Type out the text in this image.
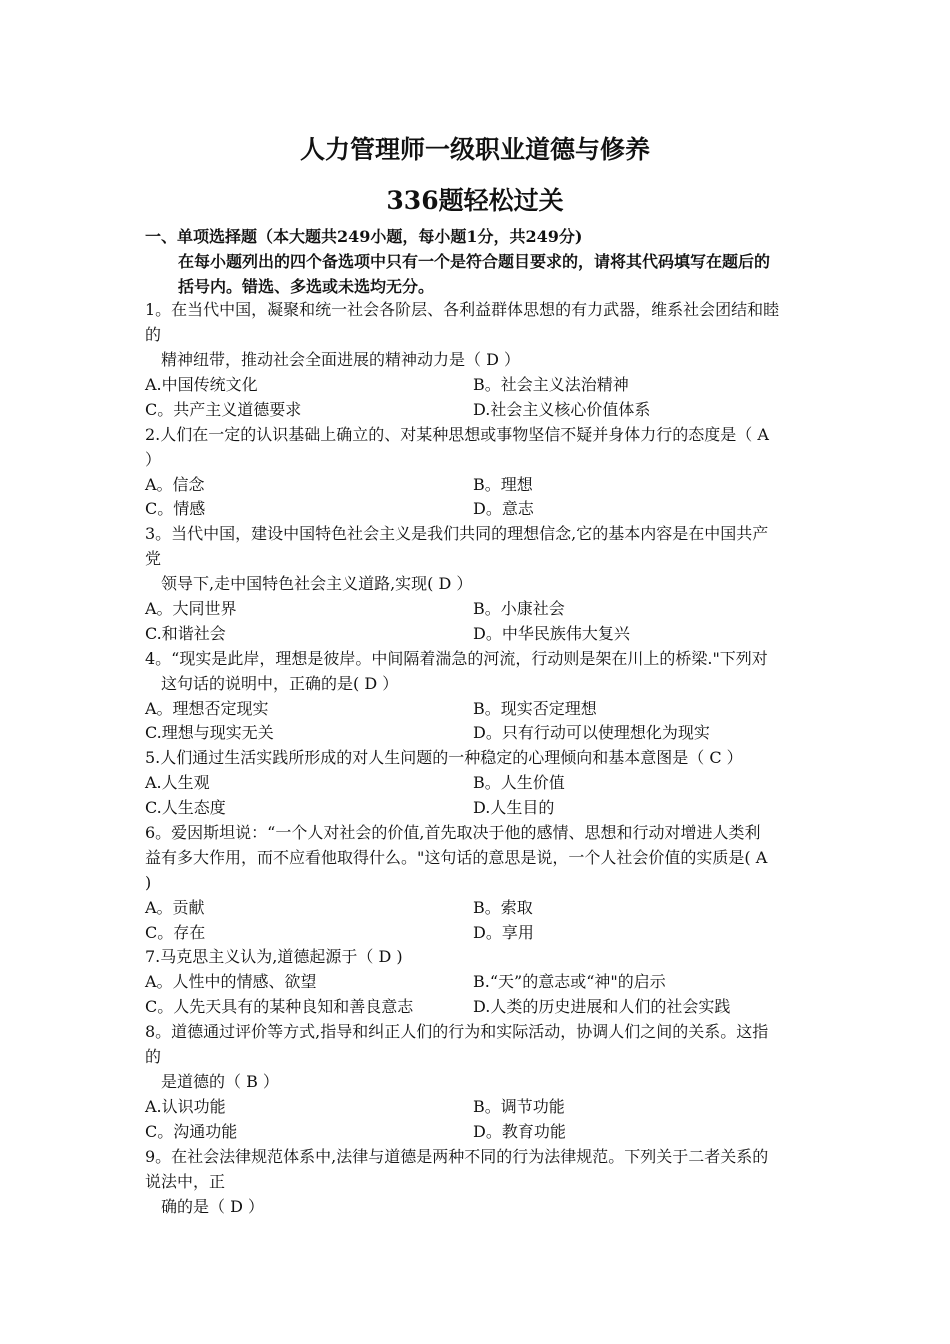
人力管理师一级职业道德与修养
336题轻松过关
一、单项选择题（本大题共249小题，每小题1分，共249分)
在每小题列出的四个备选项中只有一个是符合题目要求的，请将其代码填写在题后的
括号内。错选、多选或未选均无分。
1。在当代中国，凝聚和统一社会各阶层、各利益群体思想的有力武器，维系社会团结和睦
的
精神纽带，推动社会全面进展的精神动力是（ D ）
A.中国传统文化	B。社会主义法治精神
C。共产主义道德要求	D.社会主义核心价值体系
2.人们在一定的认识基础上确立的、对某种思想或事物坚信不疑并身体力行的态度是（ A
）
A。信念	B。理想
C。情感	D。意志
3。当代中国，建设中国特色社会主义是我们共同的理想信念,它的基本内容是在中国共产
党
领导下,走中国特色社会主义道路,实现( D ）
A。大同世界	B。小康社会
C.和谐社会	D。中华民族伟大复兴
4。“现实是此岸，理想是彼岸。中间隔着湍急的河流，行动则是架在川上的桥梁."下列对
这句话的说明中，正确的是( D ）
A。理想否定现实	B。现实否定理想
C.理想与现实无关	D。只有行动可以使理想化为现实
5.人们通过生活实践所形成的对人生问题的一种稳定的心理倾向和基本意图是（ C ）
A.人生观	B。人生价值
C.人生态度	D.人生目的
6。爱因斯坦说：“一个人对社会的价值,首先取决于他的感情、思想和行动对增进人类利
益有多大作用，而不应看他取得什么。"这句话的意思是说，一个人社会价值的实质是( A
)
A。贡献	B。索取
C。存在	D。享用
7.马克思主义认为,道德起源于（ D )
A。人性中的情感、欲望	B.“天”的意志或“神"的启示
C。人先天具有的某种良知和善良意志	D.人类的历史进展和人们的社会实践
8。道德通过评价等方式,指导和纠正人们的行为和实际活动，协调人们之间的关系。这指
的
是道德的（ B ）
A.认识功能	B。调节功能
C。沟通功能	D。教育功能
9。在社会法律规范体系中,法律与道德是两种不同的行为法律规范。下列关于二者关系的
说法中，正
确的是（ D ）
